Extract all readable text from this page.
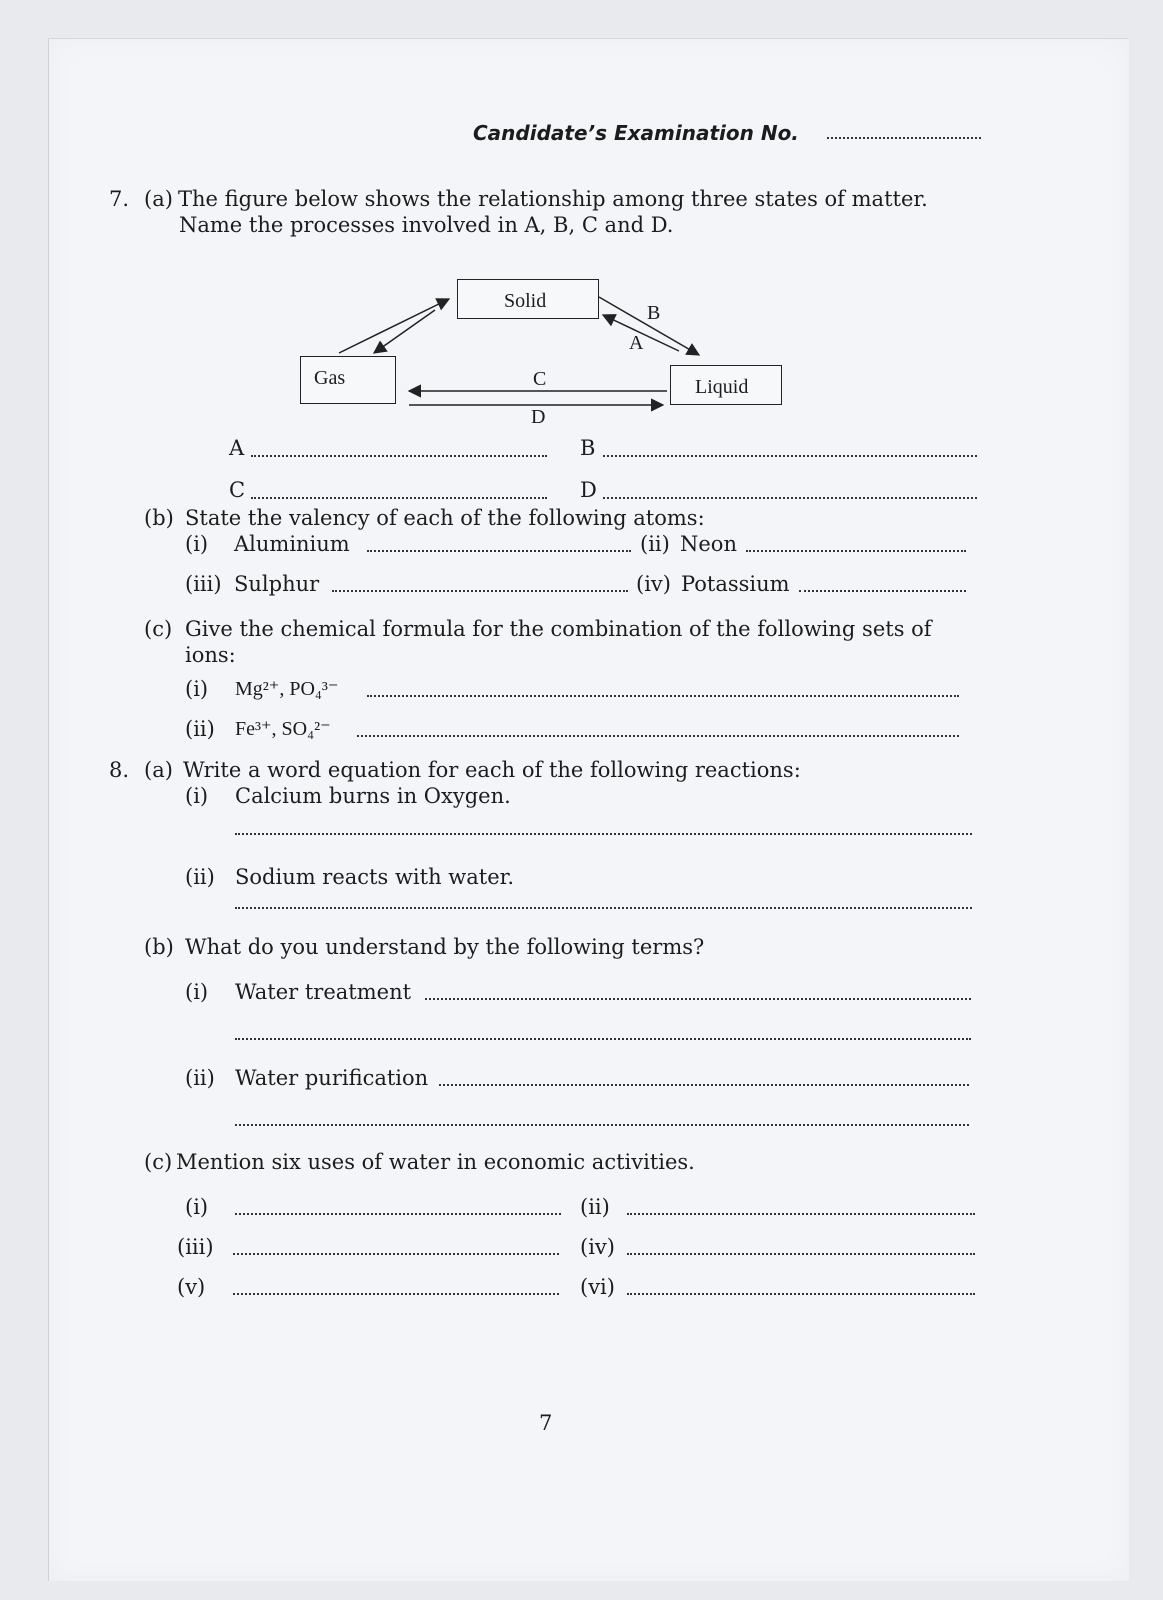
Candidate’s Examination No.
7. (a) The figure below shows the relationship among three states of matter.
Name the processes involved in A, B, C and D.
Solid
Gas	Liquid
B
A
C
D
A	B
C	D
(b) State the valency of each of the following atoms:
(i) Aluminium	(ii) Neon
(iii) Sulphur	(iv) Potassium
(c) Give the chemical formula for the combination of the following sets of
ions:
(i) Mg²⁺, PO₄³⁻
(ii) Fe³⁺, SO₄²⁻
8. (a) Write a word equation for each of the following reactions:
(i) Calcium burns in Oxygen.
(ii) Sodium reacts with water.
(b) What do you understand by the following terms?
(i) Water treatment
(ii) Water purification
(c) Mention six uses of water in economic activities.
(i)	(ii)
(iii)	(iv)
(v)	(vi)
7
